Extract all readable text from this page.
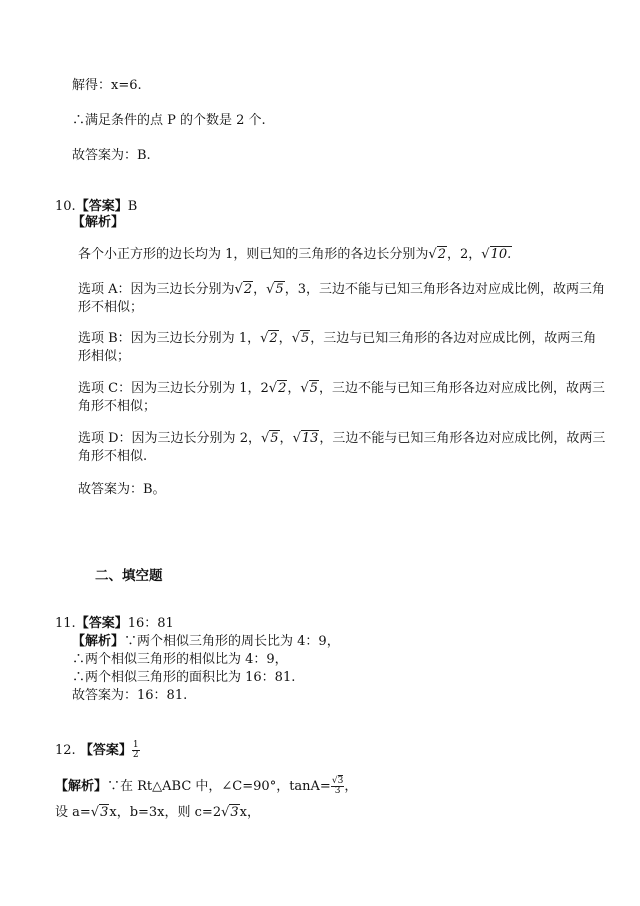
解得：x=6.
∴满足条件的点 P 的个数是 2 个.
故答案为：B.
10.【答案】B
【解析】
各个小正方形的边长均为 1，则已知的三角形的各边长分别为√2，2，√10.
选项 A：因为三边长分别为√2，√5，3，三边不能与已知三角形各边对应成比例，故两三角
形不相似；
选项 B：因为三边长分别为 1，√2，√5，三边与已知三角形的各边对应成比例，故两三角
形相似；
选项 C：因为三边长分别为 1，2√2，√5，三边不能与已知三角形各边对应成比例，故两三
角形不相似；
选项 D：因为三边长分别为 2，√5，√13，三边不能与已知三角形各边对应成比例，故两三
角形不相似.
故答案为：B。
二、填空题
11.【答案】16：81
【解析】∵两个相似三角形的周长比为 4：9，
∴两个相似三角形的相似比为 4：9，
∴两个相似三角形的面积比为 16：81.
故答案为：16：81.
12. 【答案】 $\frac{1}{2}$
【解析】∵在 Rt△ABC 中，∠C=90°，$\tan A= \frac{√3}{3}$ ，
设 a=√3x，b=3x，则 c=2√3x，
